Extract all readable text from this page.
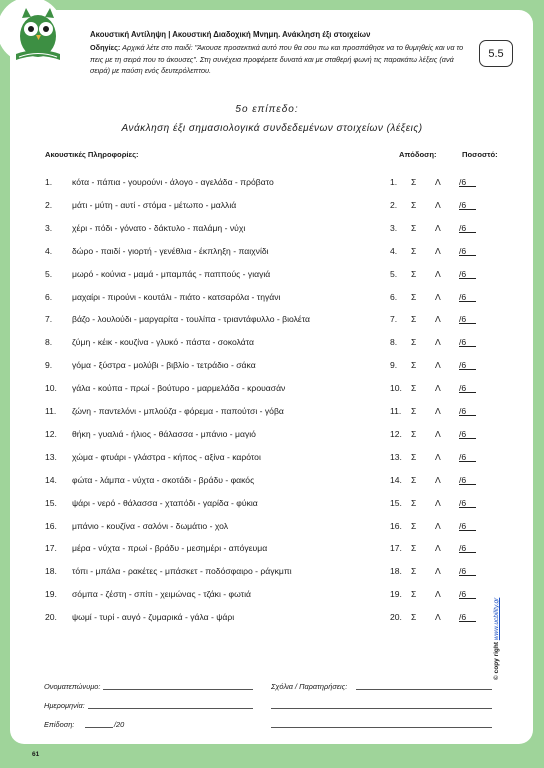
Ακουστική Αντίληψη | Ακουστική Διαδοχική Μνημη. Ανάκληση έξι στοιχείων
Οδηγίες: Αρχικά λέτε στο παιδί: "Άκουσε προσεκτικά αυτό που θα σου πω και προσπάθησε να το θυμηθείς και να το πεις με τη σειρά που το άκουσες". Στη συνέχεια προφέρετε δυνατά και με σταθερή φωνή τις παρακάτω λέξεις (ανά σειρά) με παύση ενός δευτερόλεπτου.
5.5
5ο επίπεδο:
Ανάκληση έξι σημασιολογικά συνδεδεμένων στοιχείων (λέξεις)
Ακουστικές Πληροφορίες:	Απόδοση:	Ποσοστό:
1. κότα - πάπια - γουρούνι - άλογο - αγελάδα - πρόβατο	1. Σ Λ /6
2. μάτι - μύτη - αυτί - στόμα - μέτωπο - μαλλιά	2. Σ Λ /6
3. χέρι - πόδι - γόνατο - δάκτυλο - παλάμη - νύχι	3. Σ Λ /6
4. δώρο - παιδί - γιορτή - γενέθλια - έκπληξη - παιχνίδι	4. Σ Λ /6
5. μωρό - κούνια - μαμά - μπαμπάς - παππούς - γιαγιά	5. Σ Λ /6
6. μαχαίρι - πιρούνι - κουτάλι - πιάτο - κατσαρόλα - τηγάνι	6. Σ Λ /6
7. βάζο - λουλούδι - μαργαρίτα - τουλίπα - τριαντάφυλλο - βιολέτα	7. Σ Λ /6
8. ζύμη - κέικ - κουζίνα - γλυκό - πάστα - σοκολάτα	8. Σ Λ /6
9. γόμα - ξύστρα - μολύβι - βιβλίο - τετράδιο - σάκα	9. Σ Λ /6
10. γάλα - κούπα - πρωί - βούτυρο - μαρμελάδα - κρουασάν	10. Σ Λ /6
11. ζώνη - παντελόνι - μπλούζα - φόρεμα - παπούτσι - γόβα	11. Σ Λ /6
12. θήκη - γυαλιά - ήλιος - θάλασσα - μπάνιο - μαγιό	12. Σ Λ /6
13. χώμα - φτυάρι - γλάστρα - κήπος - αξίνα - καρότοι	13. Σ Λ /6
14. φώτα - λάμπα - νύχτα - σκοτάδι - βράδυ - φακός	14. Σ Λ /6
15. ψάρι - νερό - θάλασσα - χταπόδι - γαρίδα - φύκια	15. Σ Λ /6
16. μπάνιο - κουζίνα - σαλόνι - δωμάτιο - χολ	16. Σ Λ /6
17. μέρα - νύχτα - πρωί - βράδυ - μεσημέρι - απόγευμα	17. Σ Λ /6
18. τόπι - μπάλα - ρακέτες - μπάσκετ - ποδόσφαιρο - ράγκμπι	18. Σ Λ /6
19. σόμπα - ζέστη - σπίτι - χειμώνας - τζάκι - φωτιά	19. Σ Λ /6
20. ψωμί - τυρί - αυγό - ζυμαρικά - γάλα - ψάρι	20. Σ Λ /6
Ονοματεπώνυμο:
Ημερομηνία:
Επίδοση:	/20
Σχόλια / Παρατηρήσεις:
© copy right www.ucbility.gr
61
